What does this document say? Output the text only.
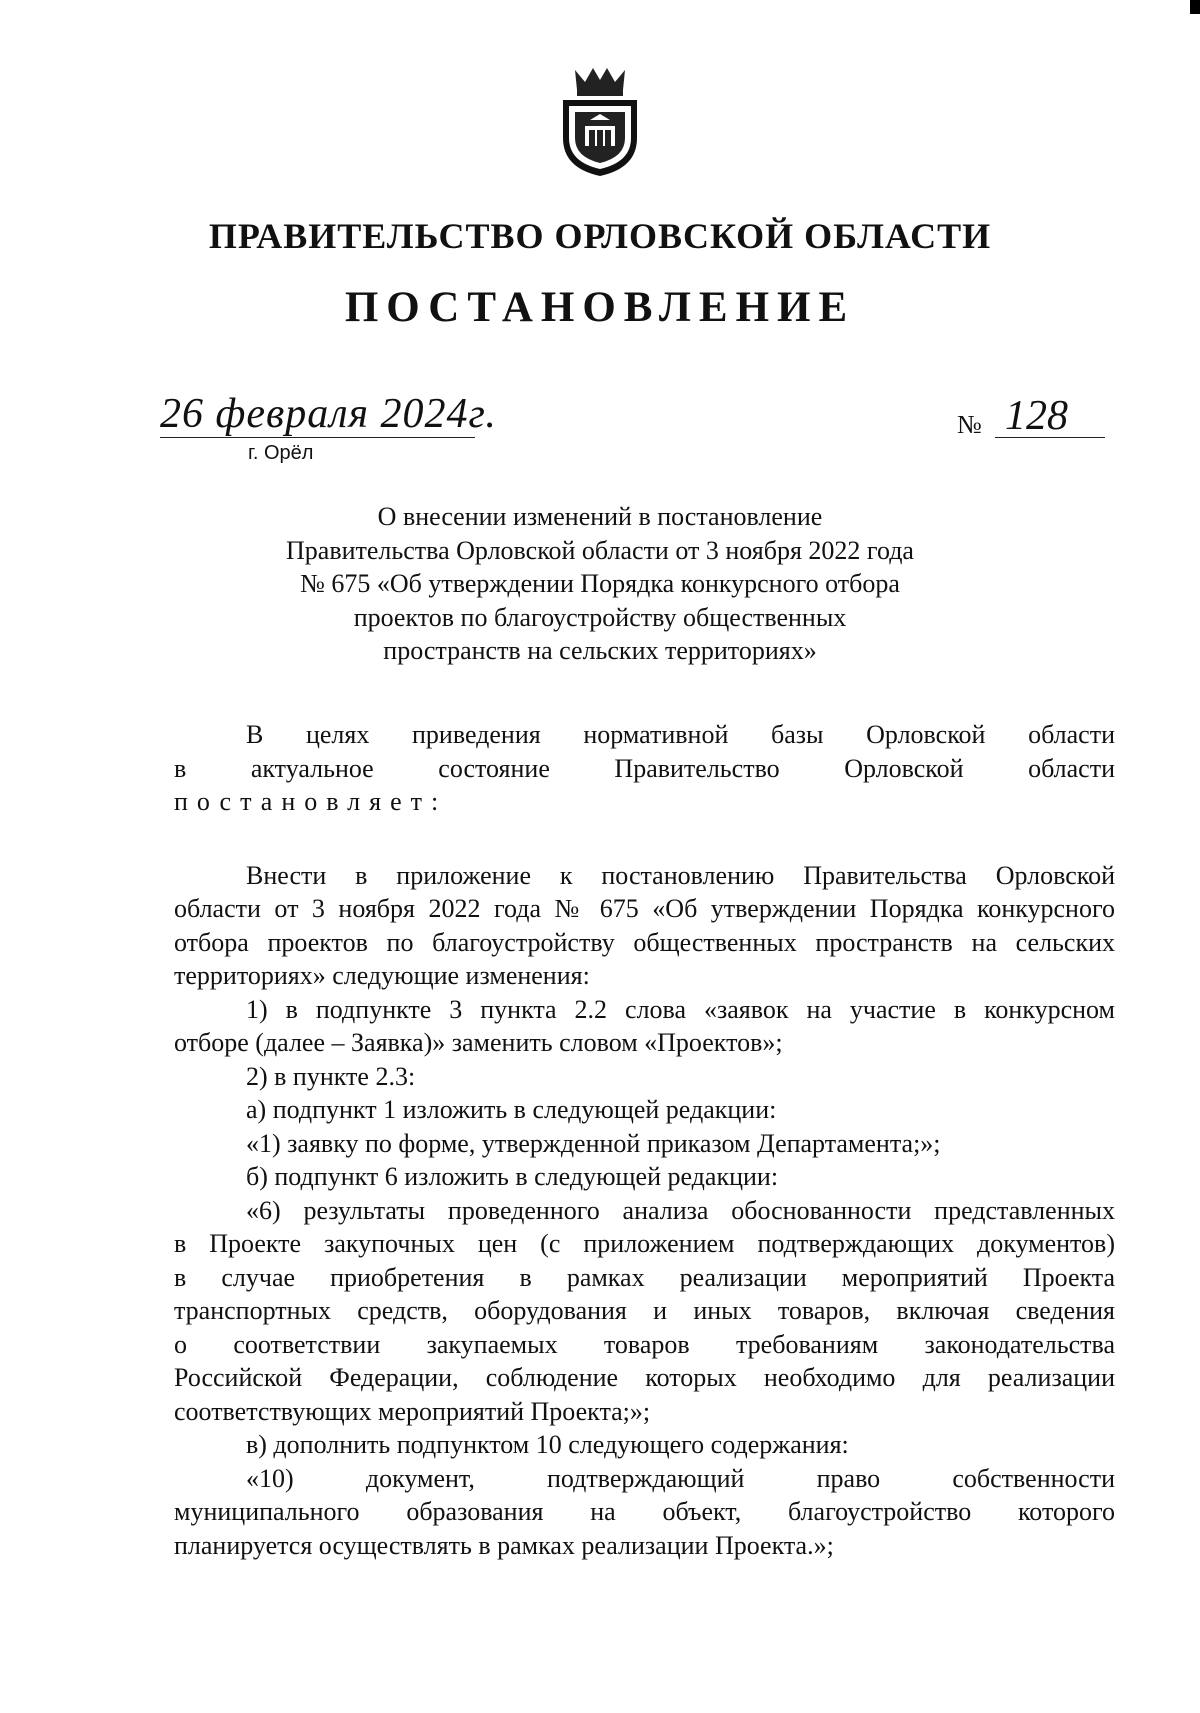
ПРАВИТЕЛЬСТВО ОРЛОВСКОЙ ОБЛАСТИ
ПОСТАНОВЛЕНИЕ
26 февраля 2024г.
г. Орёл
№ 128
О внесении изменений в постановление
Правительства Орловской области от 3 ноября 2022 года
№ 675 «Об утверждении Порядка конкурсного отбора
проектов по благоустройству общественных
пространств на сельских территориях»

В целях приведения нормативной базы Орловской области

в актуальное состояние Правительство Орловской области

постановляет:

Внести в приложение к постановлению Правительства Орловской

области от 3 ноября 2022 года № 675 «Об утверждении Порядка конкурсного

отбора проектов по благоустройству общественных пространств на сельских

территориях» следующие изменения:

1) в подпункте 3 пункта 2.2 слова «заявок на участие в конкурсном

отборе (далее – Заявка)» заменить словом «Проектов»;

2) в пункте 2.3:

а) подпункт 1 изложить в следующей редакции:

«1) заявку по форме, утвержденной приказом Департамента;»;

б) подпункт 6 изложить в следующей редакции:

«6) результаты проведенного анализа обоснованности представленных

в Проекте закупочных цен (с приложением подтверждающих документов)

в случае приобретения в рамках реализации мероприятий Проекта

транспортных средств, оборудования и иных товаров, включая сведения

о соответствии закупаемых товаров требованиям законодательства

Российской Федерации, соблюдение которых необходимо для реализации

соответствующих мероприятий Проекта;»;

в) дополнить подпунктом 10 следующего содержания:

«10) документ, подтверждающий право собственности

муниципального образования на объект, благоустройство которого

планируется осуществлять в рамках реализации Проекта.»;
